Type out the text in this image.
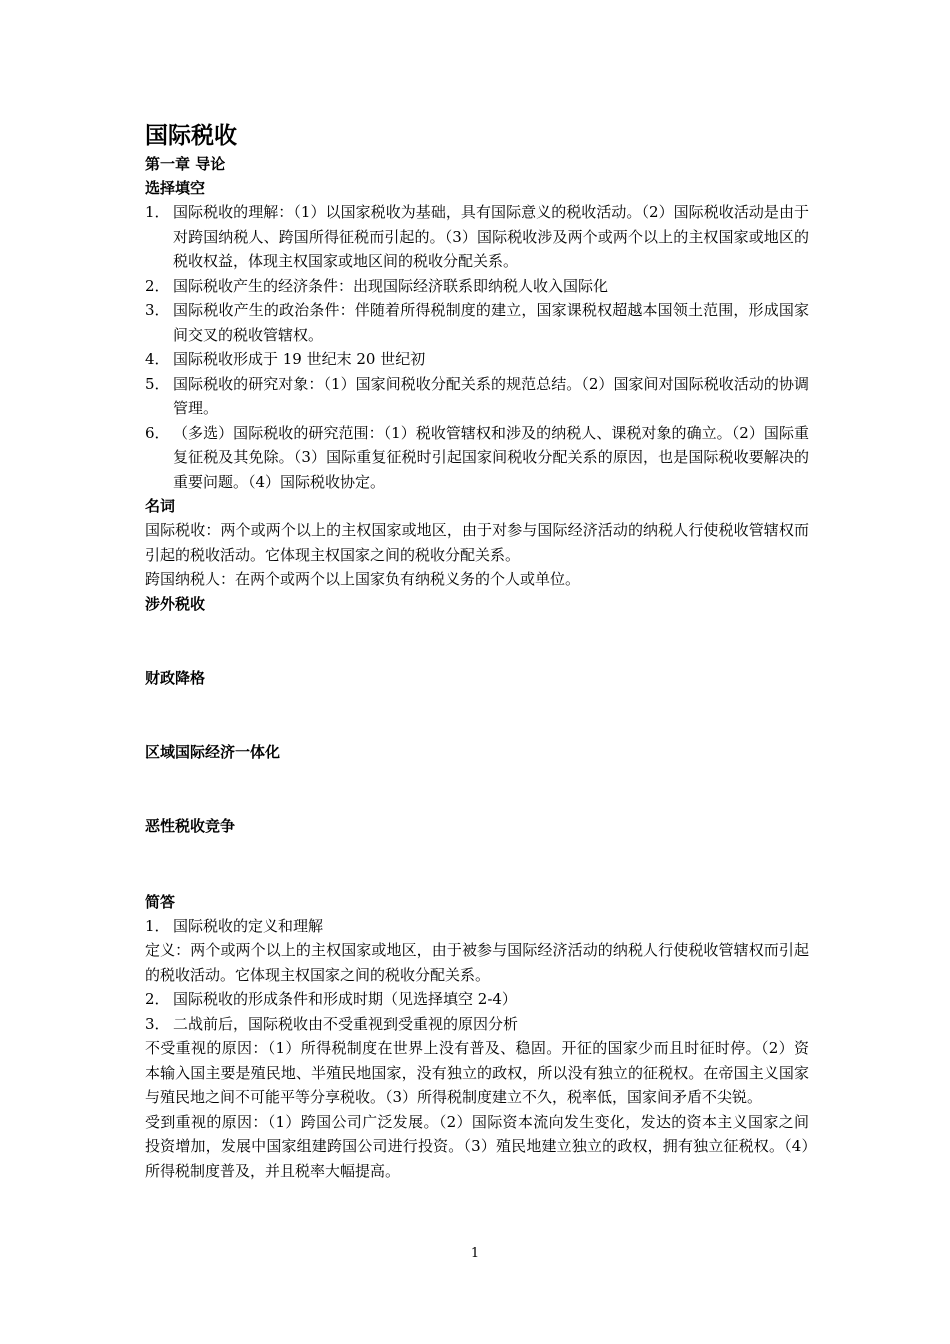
国际税收
第一章 导论
选择填空
1． 国际税收的理解：（1）以国家税收为基础，具有国际意义的税收活动。（2）国际税收活动是由于对跨国纳税人、跨国所得征税而引起的。（3）国际税收涉及两个或两个以上的主权国家或地区的税收权益，体现主权国家或地区间的税收分配关系。
2． 国际税收产生的经济条件：出现国际经济联系即纳税人收入国际化
3． 国际税收产生的政治条件：伴随着所得税制度的建立，国家课税权超越本国领土范围，形成国家间交叉的税收管辖权。
4． 国际税收形成于 19 世纪末 20 世纪初
5． 国际税收的研究对象：（1）国家间税收分配关系的规范总结。（2）国家间对国际税收活动的协调管理。
6． （多选）国际税收的研究范围：（1）税收管辖权和涉及的纳税人、课税对象的确立。（2）国际重复征税及其免除。（3）国际重复征税时引起国家间税收分配关系的原因，也是国际税收要解决的重要问题。（4）国际税收协定。
名词
国际税收：两个或两个以上的主权国家或地区，由于对参与国际经济活动的纳税人行使税收管辖权而引起的税收活动。它体现主权国家之间的税收分配关系。
跨国纳税人：在两个或两个以上国家负有纳税义务的个人或单位。
涉外税收
财政降格
区域国际经济一体化
恶性税收竞争
简答
1． 国际税收的定义和理解
定义：两个或两个以上的主权国家或地区，由于被参与国际经济活动的纳税人行使税收管辖权而引起的税收活动。它体现主权国家之间的税收分配关系。
2． 国际税收的形成条件和形成时期（见选择填空 2-4）
3． 二战前后，国际税收由不受重视到受重视的原因分析
不受重视的原因：（1）所得税制度在世界上没有普及、稳固。开征的国家少而且时征时停。（2）资本输入国主要是殖民地、半殖民地国家，没有独立的政权，所以没有独立的征税权。在帝国主义国家与殖民地之间不可能平等分享税收。（3）所得税制度建立不久，税率低，国家间矛盾不尖锐。
受到重视的原因：（1）跨国公司广泛发展。（2）国际资本流向发生变化，发达的资本主义国家之间投资增加，发展中国家组建跨国公司进行投资。（3）殖民地建立独立的政权，拥有独立征税权。（4）所得税制度普及，并且税率大幅提高。
1
